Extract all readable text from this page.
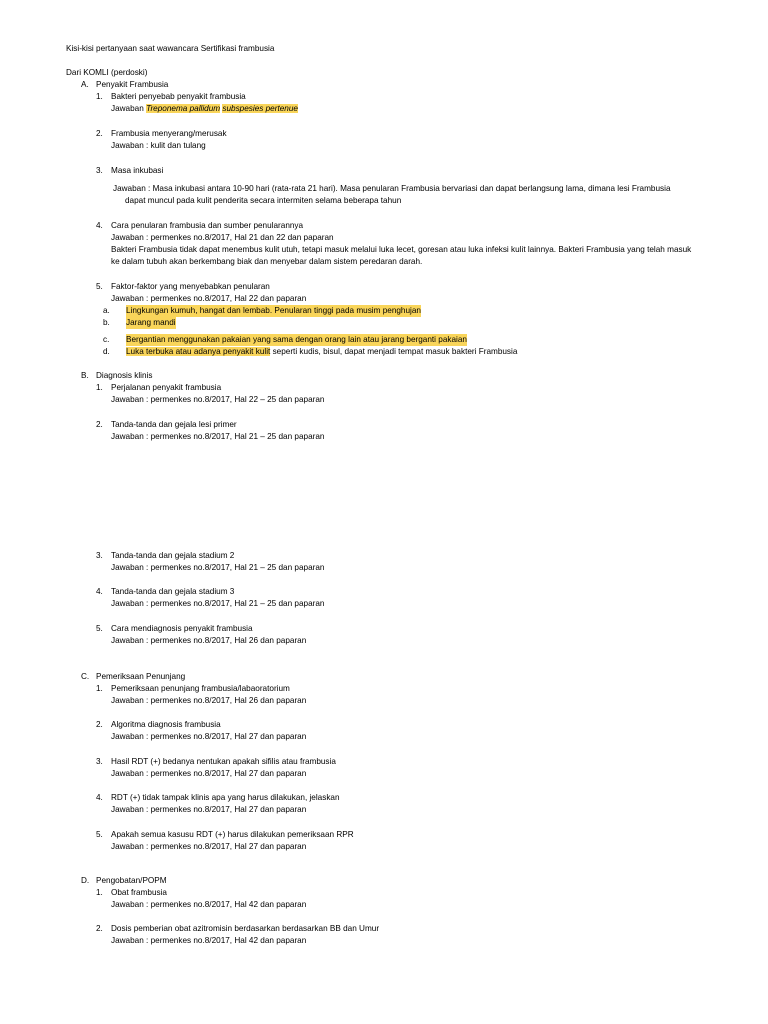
Kisi-kisi pertanyaan saat wawancara Sertifikasi frambusia
Dari KOMLI (perdoski)
A. Penyakit Frambusia
1. Bakteri penyebab penyakit frambusia
Jawaban Treponema pallidum subspesies pertenue
2. Frambusia menyerang/merusak
Jawaban : kulit dan tulang
3. Masa inkubasi
Jawaban : Masa inkubasi antara 10-90 hari (rata-rata 21 hari). Masa penularan Frambusia bervariasi dan dapat berlangsung lama, dimana lesi Frambusia
dapat muncul pada kulit penderita secara intermiten selama beberapa tahun
4. Cara penularan frambusia dan sumber penularannya
Jawaban : permenkes no.8/2017, Hal 21 dan 22 dan paparan
Bakteri Frambusia tidak dapat menembus kulit utuh, tetapi masuk melalui luka lecet, goresan atau luka infeksi kulit lainnya. Bakteri Frambusia yang telah masuk
ke dalam tubuh akan berkembang biak dan menyebar dalam sistem peredaran darah.
5. Faktor-faktor yang menyebabkan penularan
Jawaban : permenkes no.8/2017, Hal 22 dan paparan
a. Lingkungan kumuh, hangat dan lembab. Penularan tinggi pada musim penghujan
b. Jarang mandi
c. Bergantian menggunakan pakaian yang sama dengan orang lain atau jarang berganti pakaian
d. Luka terbuka atau adanya penyakit kulit seperti kudis, bisul, dapat menjadi tempat masuk bakteri Frambusia
B. Diagnosis klinis
1. Perjalanan penyakit frambusia
Jawaban : permenkes no.8/2017, Hal 22 – 25 dan paparan
2. Tanda-tanda dan gejala lesi primer
Jawaban : permenkes no.8/2017, Hal 21 – 25 dan paparan
3. Tanda-tanda dan gejala stadium 2
Jawaban : permenkes no.8/2017, Hal 21 – 25 dan paparan
4. Tanda-tanda dan gejala stadium 3
Jawaban : permenkes no.8/2017, Hal 21 – 25 dan paparan
5. Cara mendiagnosis penyakit frambusia
Jawaban : permenkes no.8/2017, Hal 26 dan paparan
C. Pemeriksaan Penunjang
1. Pemeriksaan penunjang frambusia/labaoratorium
Jawaban : permenkes no.8/2017, Hal 26 dan paparan
2. Algoritma diagnosis frambusia
Jawaban : permenkes no.8/2017, Hal 27 dan paparan
3. Hasil RDT (+) bedanya nentukan apakah sifilis atau frambusia
Jawaban : permenkes no.8/2017, Hal 27 dan paparan
4. RDT (+) tidak tampak klinis apa yang harus dilakukan, jelaskan
Jawaban : permenkes no.8/2017, Hal 27 dan paparan
5. Apakah semua kasusu RDT (+) harus dilakukan pemeriksaan RPR
Jawaban : permenkes no.8/2017, Hal 27 dan paparan
D. Pengobatan/POPM
1. Obat frambusia
Jawaban : permenkes no.8/2017, Hal 42 dan paparan
2. Dosis pemberian obat azitromisin berdasarkan berdasarkan BB dan Umur
Jawaban : permenkes no.8/2017, Hal 42 dan paparan
